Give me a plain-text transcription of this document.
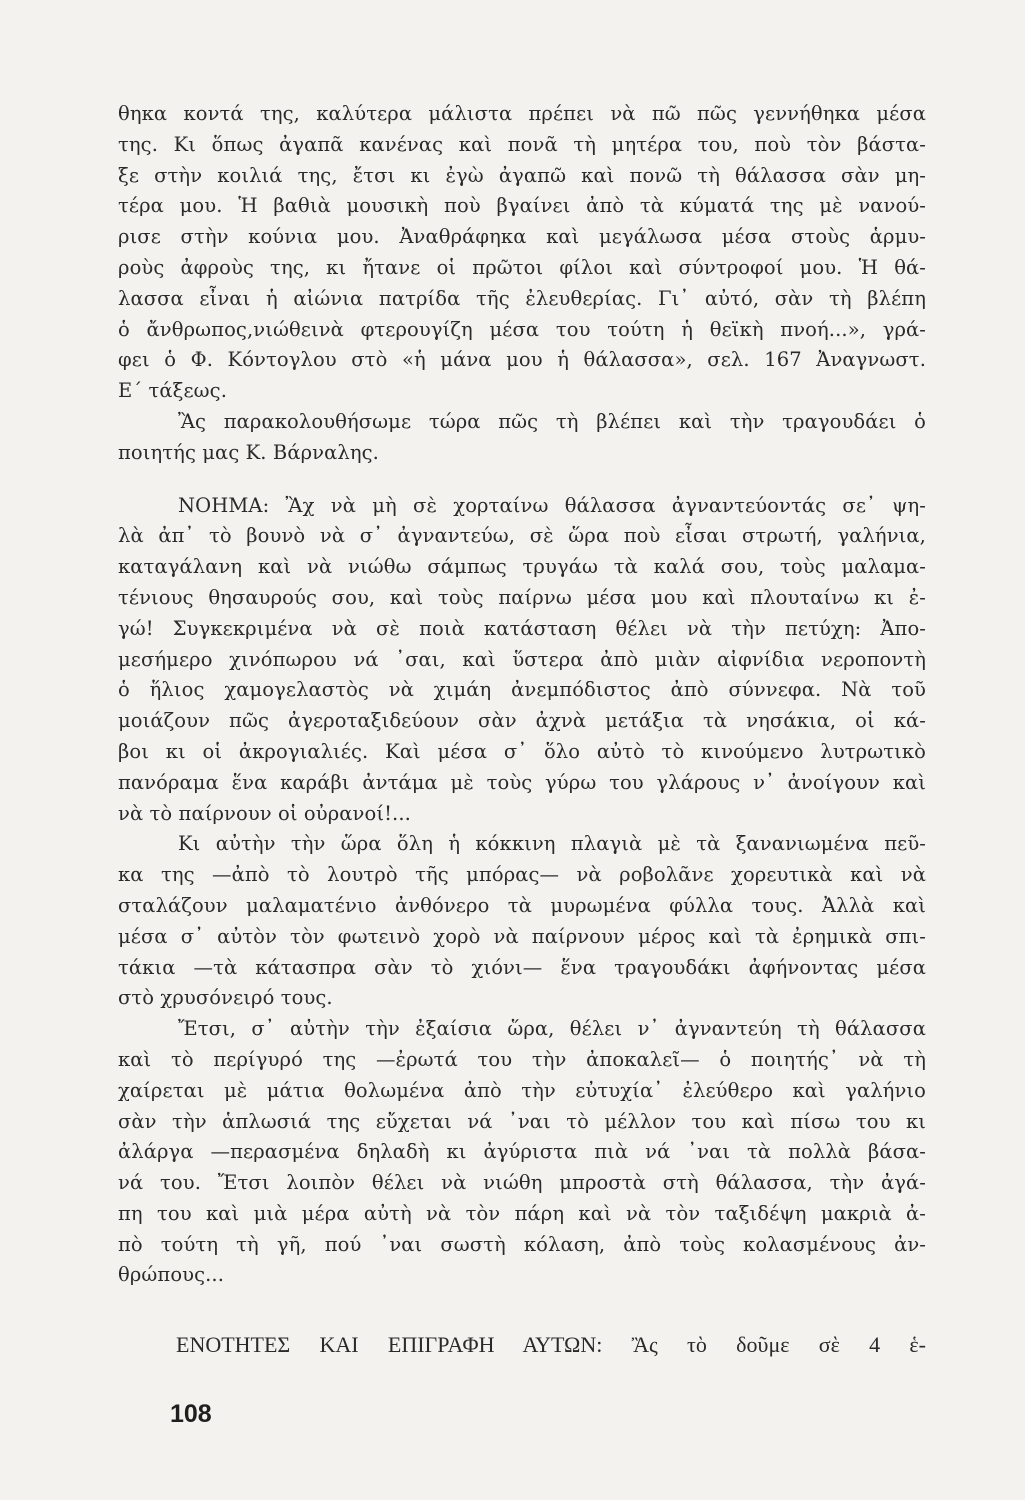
θηκα κοντά της, καλύτερα μάλιστα πρέπει νὰ πῶ πῶς γεννήθηκα μέσα
της. Κι ὅπως ἀγαπᾶ κανένας καὶ πονᾶ τὴ μητέρα του, ποὺ τὸν βάστα-
ξε στὴν κοιλιά της, ἔτσι κι ἐγὼ ἀγαπῶ καὶ πονῶ τὴ θάλασσα σὰν μη-
τέρα μου. Ἡ βαθιὰ μουσικὴ ποὺ βγαίνει ἀπὸ τὰ κύματά της μὲ νανού-
ρισε στὴν κούνια μου. Ἀναθράφηκα καὶ μεγάλωσα μέσα στοὺς ἁρμυ-
ροὺς ἀφροὺς της, κι ἤτανε οἱ πρῶτοι φίλοι καὶ σύντροφοί μου. Ἡ θά-
λασσα εἶναι ἡ αἰώνια πατρίδα τῆς ἐλευθερίας. Γι᾽ αὐτό, σὰν τὴ βλέπη
ὁ ἄνθρωπος,νιώθεινὰ φτερουγίζη μέσα του τούτη ἡ θεϊκὴ πνοή...», γρά-
φει ὁ Φ. Κόντογλου στὸ «ἡ μάνα μου ἡ θάλασσα», σελ. 167 Ἀναγνωστ.
Ε΄ τάξεως.
Ἂς παρακολουθήσωμε τώρα πῶς τὴ βλέπει καὶ τὴν τραγουδάει ὁ
ποιητής μας Κ. Βάρναλης.
ΝΟΗΜΑ: Ἂχ νὰ μὴ σὲ χορταίνω θάλασσα ἀγναντεύοντάς σε᾽ ψη-
λὰ ἀπ᾽ τὸ βουνὸ νὰ σ᾽ ἀγναντεύω, σὲ ὥρα ποὺ εἶσαι στρωτή, γαλήνια,
καταγάλανη καὶ νὰ νιώθω σάμπως τρυγάω τὰ καλά σου, τοὺς μαλαμα-
τένιους θησαυρούς σου, καὶ τοὺς παίρνω μέσα μου καὶ πλουταίνω κι ἐ-
γώ! Συγκεκριμένα νὰ σὲ ποιὰ κατάσταση θέλει νὰ τὴν πετύχη: Ἀπο-
μεσήμερο χινόπωρου νά ᾽σαι, καὶ ὕστερα ἀπὸ μιὰν αἰφνίδια νεροποντὴ
ὁ ἥλιος χαμογελαστὸς νὰ χιμάη ἀνεμπόδιστος ἀπὸ σύννεφα. Νὰ τοῦ
μοιάζουν πῶς ἀγεροταξιδεύουν σὰν ἀχνὰ μετάξια τὰ νησάκια, οἱ κά-
βοι κι οἱ ἀκρογιαλιές. Καὶ μέσα σ᾽ ὅλο αὐτὸ τὸ κινούμενο λυτρωτικὸ
πανόραμα ἕνα καράβι ἀντάμα μὲ τοὺς γύρω του γλάρους ν᾽ ἀνοίγουν καὶ
νὰ τὸ παίρνουν οἱ οὐρανοί!...
Κι αὐτὴν τὴν ὥρα ὅλη ἡ κόκκινη πλαγιὰ μὲ τὰ ξανανιωμένα πεῦ-
κα της —ἀπὸ τὸ λουτρὸ τῆς μπόρας— νὰ ροβολᾶνε χορευτικὰ καὶ νὰ
σταλάζουν μαλαματένιο ἀνθόνερο τὰ μυρωμένα φύλλα τους. Ἀλλὰ καὶ
μέσα σ᾽ αὐτὸν τὸν φωτεινὸ χορὸ νὰ παίρνουν μέρος καὶ τὰ ἐρημικὰ σπι-
τάκια —τὰ κάτασπρα σὰν τὸ χιόνι— ἕνα τραγουδάκι ἀφήνοντας μέσα
στὸ χρυσόνειρό τους.
Ἔτσι, σ᾽ αὐτὴν τὴν ἐξαίσια ὥρα, θέλει ν᾽ ἀγναντεύη τὴ θάλασσα
καὶ τὸ περίγυρό της —ἐρωτά του τὴν ἀποκαλεῖ— ὁ ποιητής᾽ νὰ τὴ
χαίρεται μὲ μάτια θολωμένα ἀπὸ τὴν εὐτυχία᾽ ἐλεύθερο καὶ γαλήνιο
σὰν τὴν ἁπλωσιά της εὔχεται νά ᾽ναι τὸ μέλλον του καὶ πίσω του κι
ἀλάργα —περασμένα δηλαδὴ κι ἀγύριστα πιὰ νά ᾽ναι τὰ πολλὰ βάσα-
νά του. Ἔτσι λοιπὸν θέλει νὰ νιώθη μπροστὰ στὴ θάλασσα, τὴν ἀγά-
πη του καὶ μιὰ μέρα αὐτὴ νὰ τὸν πάρη καὶ νὰ τὸν ταξιδέψη μακριὰ ἀ-
πὸ τούτη τὴ γῆ, πού ᾽ναι σωστὴ κόλαση, ἀπὸ τοὺς κολασμένους ἀν-
θρώπους...
ΕΝΟΤΗΤΕΣ ΚΑΙ ΕΠΙΓΡΑΦΗ ΑΥΤΩΝ: Ἂς τὸ δοῦμε σὲ 4 ἑ-
108
